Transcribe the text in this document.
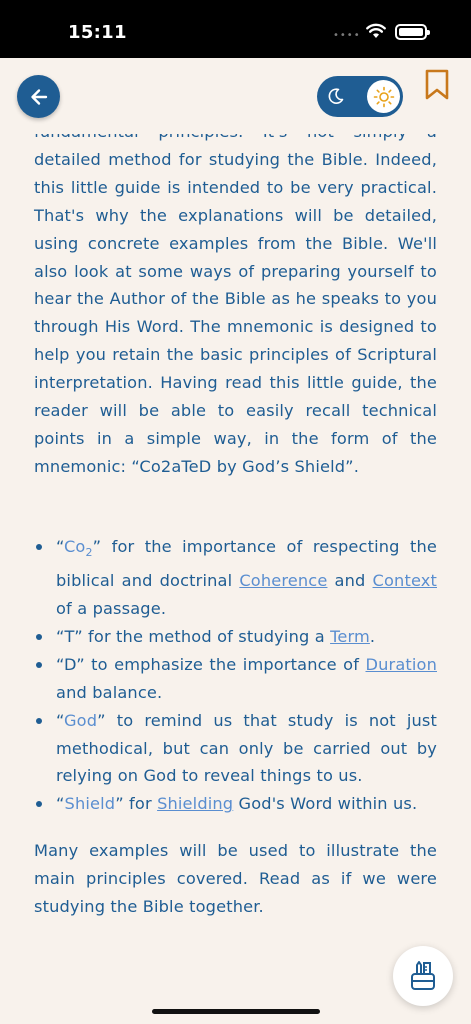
detailed method for studying the Bible. Indeed, this little guide is intended to be very practical. That's why the explanations will be detailed, using concrete examples from the Bible. We'll also look at some ways of preparing yourself to hear the Author of the Bible as he speaks to you through His Word. The mnemonic is designed to help you retain the basic principles of Scriptural interpretation. Having read this little guide, the reader will be able to easily recall technical points in a simple way, in the form of the mnemonic: “Co2aTeD by God’s Shield”.
“$Co_2$” for the importance of respecting the biblical and doctrinal Coherence and Context of a passage.
“T” for the method of studying a Term.
“D” to emphasize the importance of Duration and balance.
“God” to remind us that study is not just methodical, but can only be carried out by relying on God to reveal things to us.
“Shield” for Shielding God's Word within us.
Many examples will be used to illustrate the main principles covered. Read as if we were studying the Bible together.
15:11	••••
